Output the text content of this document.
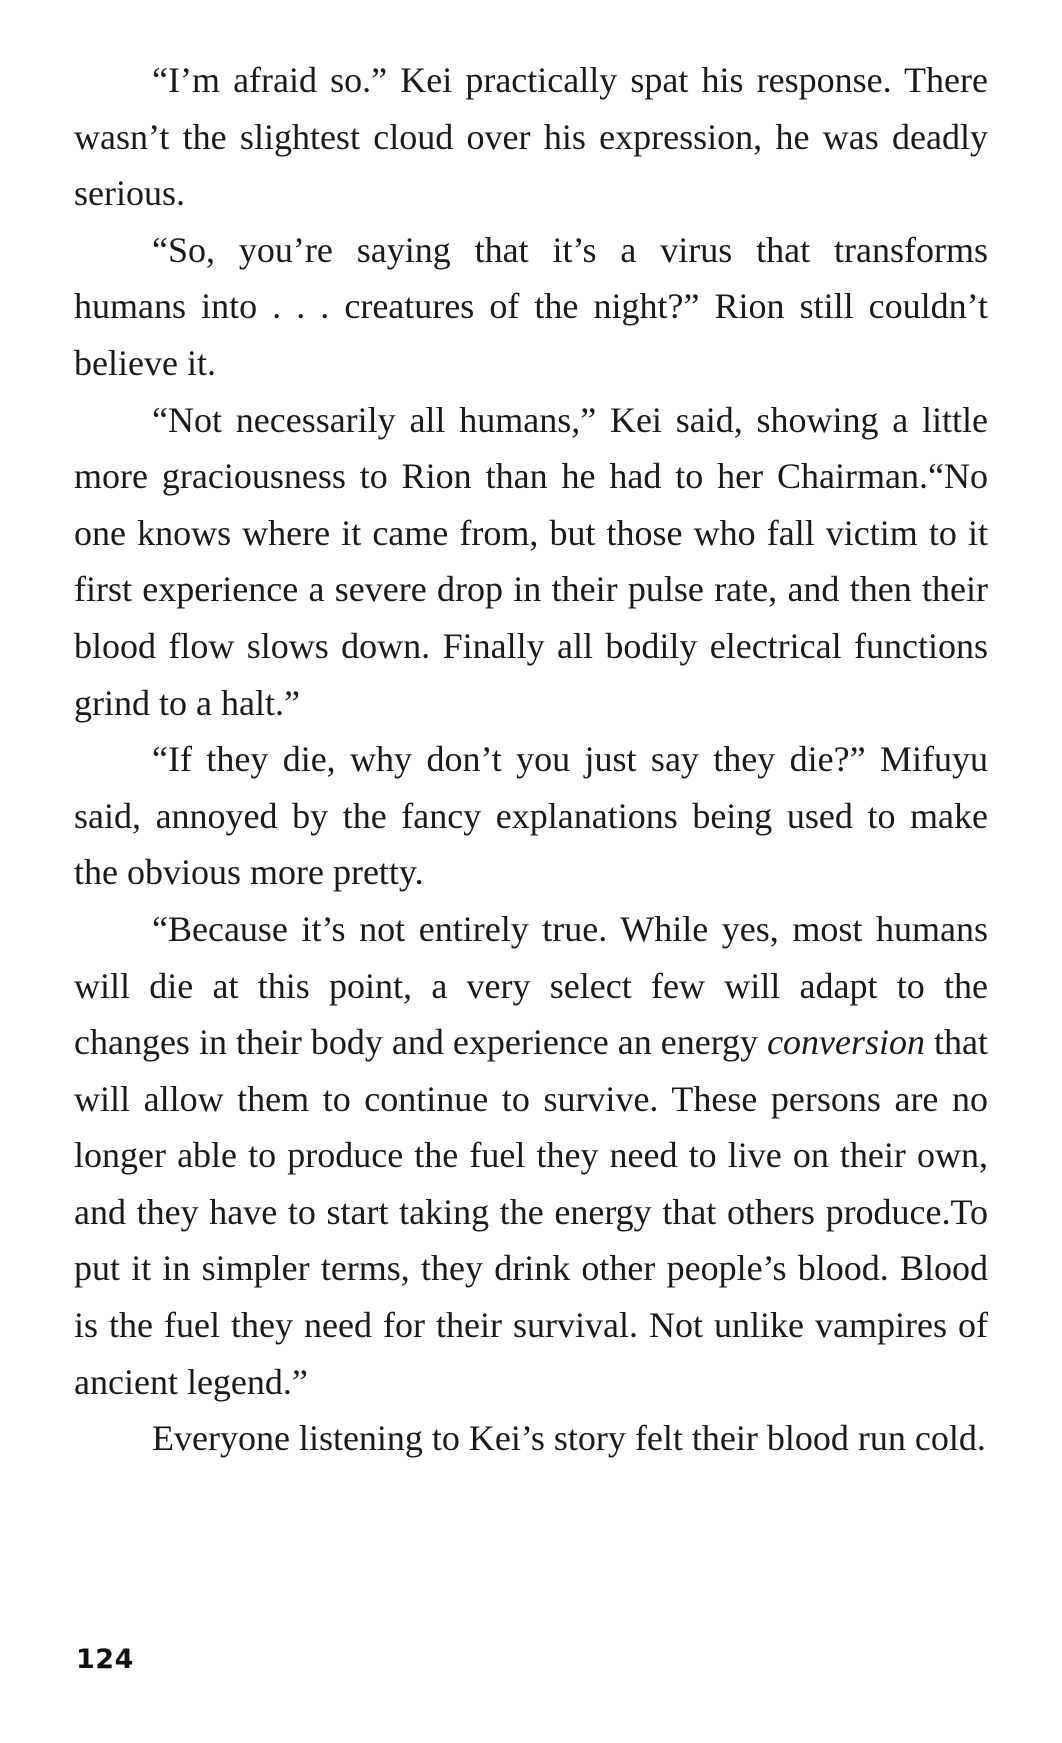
“I’m afraid so.” Kei practically spat his response. There wasn’t the slightest cloud over his expression, he was deadly serious.

“So, you’re saying that it’s a virus that transforms humans into . . . creatures of the night?” Rion still couldn’t believe it.

“Not necessarily all humans,” Kei said, showing a little more graciousness to Rion than he had to her Chairman.“No one knows where it came from, but those who fall victim to it first experience a severe drop in their pulse rate, and then their blood flow slows down. Finally all bodily electrical functions grind to a halt.”

“If they die, why don’t you just say they die?” Mifuyu said, annoyed by the fancy explanations being used to make the obvious more pretty.

“Because it’s not entirely true. While yes, most humans will die at this point, a very select few will adapt to the changes in their body and experience an energy conversion that will allow them to continue to survive. These persons are no longer able to produce the fuel they need to live on their own, and they have to start taking the energy that others produce.To put it in simpler terms, they drink other people’s blood. Blood is the fuel they need for their survival. Not unlike vampires of ancient legend.”

Everyone listening to Kei’s story felt their blood run cold.

124
